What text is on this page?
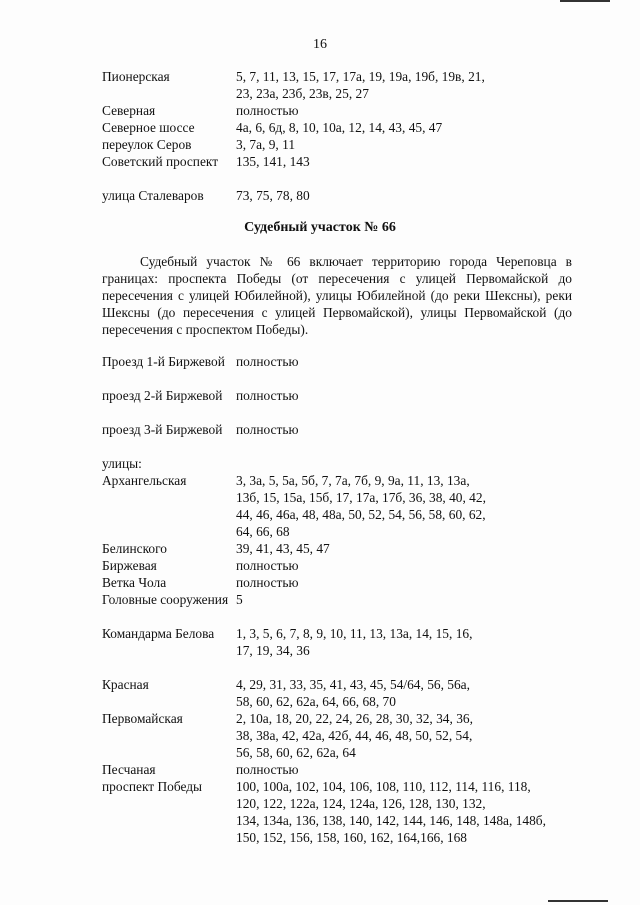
16
Пионерская	5, 7, 11, 13, 15, 17, 17а, 19, 19а, 19б, 19в, 21,
23, 23а, 23б, 23в, 25, 27
Северная	полностью
Северное шоссе	4а, 6, 6д, 8, 10, 10а, 12, 14, 43, 45, 47
переулок Серов	3, 7а, 9, 11
Советский проспект	135, 141, 143

улица Сталеваров	73, 75, 78, 80
Судебный участок № 66
Судебный участок № 66 включает территорию города Череповца в границах: проспекта Победы (от пересечения с улицей Первомайской до пересечения с улицей Юбилейной), улицы Юбилейной (до реки Шексны), реки Шексны (до пересечения с улицей Первомайской), улицы Первомайской (до пересечения с проспектом Победы).
Проезд 1-й Биржевой полностью

проезд 2-й Биржевой	полностью

проезд 3-й Биржевой	полностью

улицы:

Архангельская	3, 3а, 5, 5а, 5б, 7, 7а, 7б, 9, 9а, 11, 13, 13а,
13б, 15, 15а, 15б, 17, 17а, 17б, 36, 38, 40, 42,
44, 46, 46а, 48, 48а, 50, 52, 54, 56, 58, 60, 62,
64, 66, 68
Белинского	39, 41, 43, 45, 47
Биржевая	полностью
Ветка Чола	полностью
Головные сооружения 5

Командарма Белова	1, 3, 5, 6, 7, 8, 9, 10, 11, 13, 13а, 14, 15, 16,
17, 19, 34, 36

Красная	4, 29, 31, 33, 35, 41, 43, 45, 54/64, 56, 56а,
58, 60, 62, 62а, 64, 66, 68, 70
Первомайская	2, 10а, 18, 20, 22, 24, 26, 28, 30, 32, 34, 36,
38, 38а, 42, 42а, 42б, 44, 46, 48, 50, 52, 54,
56, 58, 60, 62, 62а, 64
Песчаная	полностью
проспект Победы	100, 100а, 102, 104, 106, 108, 110, 112, 114, 116, 118,
120, 122, 122а, 124, 124а, 126, 128, 130, 132,
134, 134а, 136, 138, 140, 142, 144, 146, 148, 148а, 148б,
150, 152, 156, 158, 160, 162, 164,166, 168
